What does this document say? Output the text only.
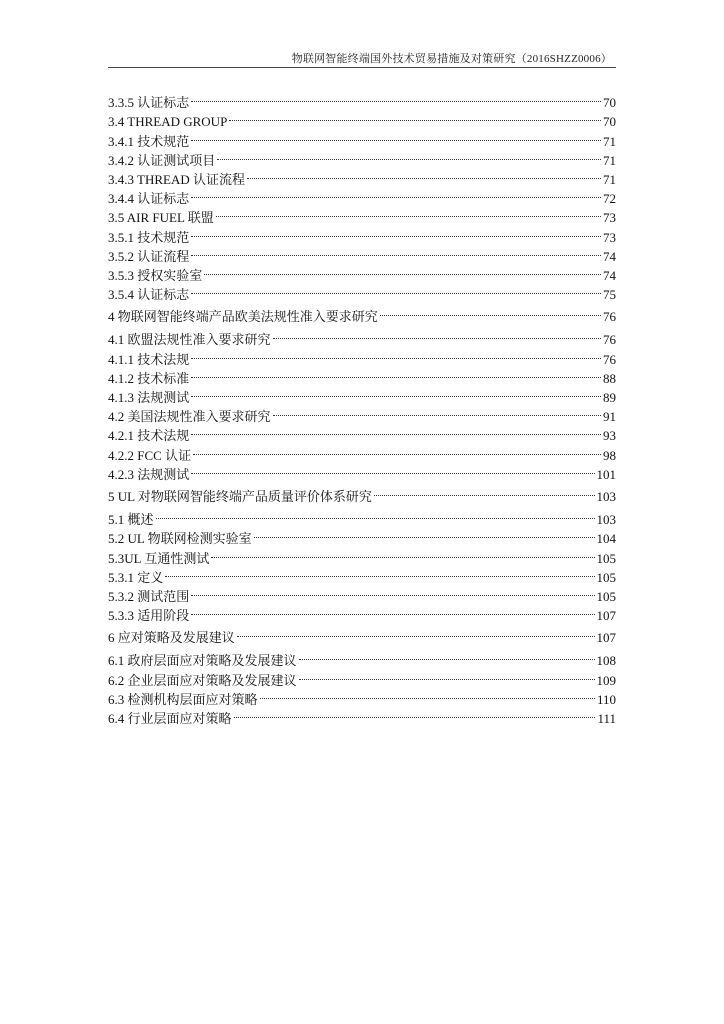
物联网智能终端国外技术贸易措施及对策研究（2016SHZZ0006）
3.3.5 认证标志	70
3.4 THREAD GROUP	70
3.4.1 技术规范	71
3.4.2 认证测试项目	71
3.4.3 THREAD 认证流程	71
3.4.4 认证标志	72
3.5 AIR FUEL 联盟	73
3.5.1 技术规范	73
3.5.2 认证流程	74
3.5.3 授权实验室	74
3.5.4 认证标志	75
4 物联网智能终端产品欧美法规性准入要求研究	76
4.1 欧盟法规性准入要求研究	76
4.1.1 技术法规	76
4.1.2 技术标准	88
4.1.3 法规测试	89
4.2 美国法规性准入要求研究	91
4.2.1 技术法规	93
4.2.2 FCC 认证	98
4.2.3 法规测试	101
5 UL 对物联网智能终端产品质量评价体系研究	103
5.1 概述	103
5.2 UL 物联网检测实验室	104
5.3UL 互通性测试	105
5.3.1 定义	105
5.3.2 测试范围	105
5.3.3 适用阶段	107
6 应对策略及发展建议	107
6.1 政府层面应对策略及发展建议	108
6.2 企业层面应对策略及发展建议	109
6.3 检测机构层面应对策略	110
6.4 行业层面应对策略	111
